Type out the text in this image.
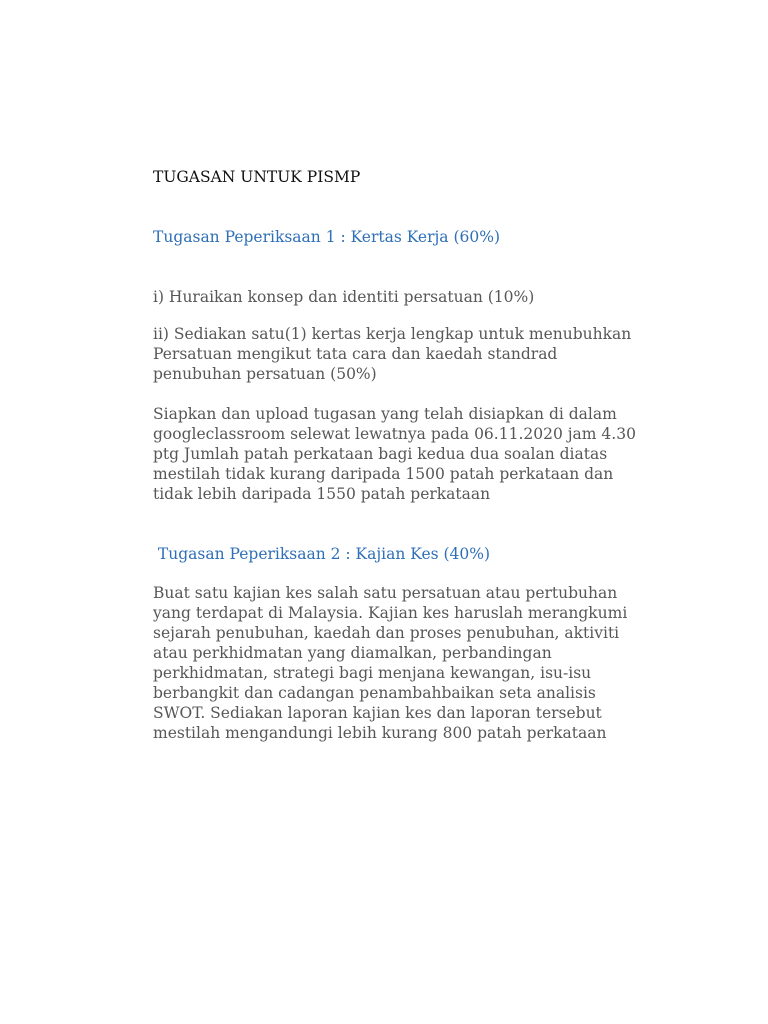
TUGASAN UNTUK PISMP
Tugasan Peperiksaan 1 : Kertas Kerja (60%)
i) Huraikan konsep dan identiti persatuan (10%)
ii) Sediakan satu(1) kertas kerja lengkap untuk menubuhkan
Persatuan mengikut tata cara dan kaedah standrad
penubuhan persatuan (50%)
Siapkan dan upload tugasan yang telah disiapkan di dalam
googleclassroom selewat lewatnya pada 06.11.2020 jam 4.30
ptg Jumlah patah perkataan bagi kedua dua soalan diatas
mestilah tidak kurang daripada 1500 patah perkataan dan
tidak lebih daripada 1550 patah perkataan
Tugasan Peperiksaan 2 : Kajian Kes (40%)
Buat satu kajian kes salah satu persatuan atau pertubuhan
yang terdapat di Malaysia. Kajian kes haruslah merangkumi
sejarah penubuhan, kaedah dan proses penubuhan, aktiviti
atau perkhidmatan yang diamalkan, perbandingan
perkhidmatan, strategi bagi menjana kewangan, isu-isu
berbangkit dan cadangan penambahbaikan seta analisis
SWOT. Sediakan laporan kajian kes dan laporan tersebut
mestilah mengandungi lebih kurang 800 patah perkataan
